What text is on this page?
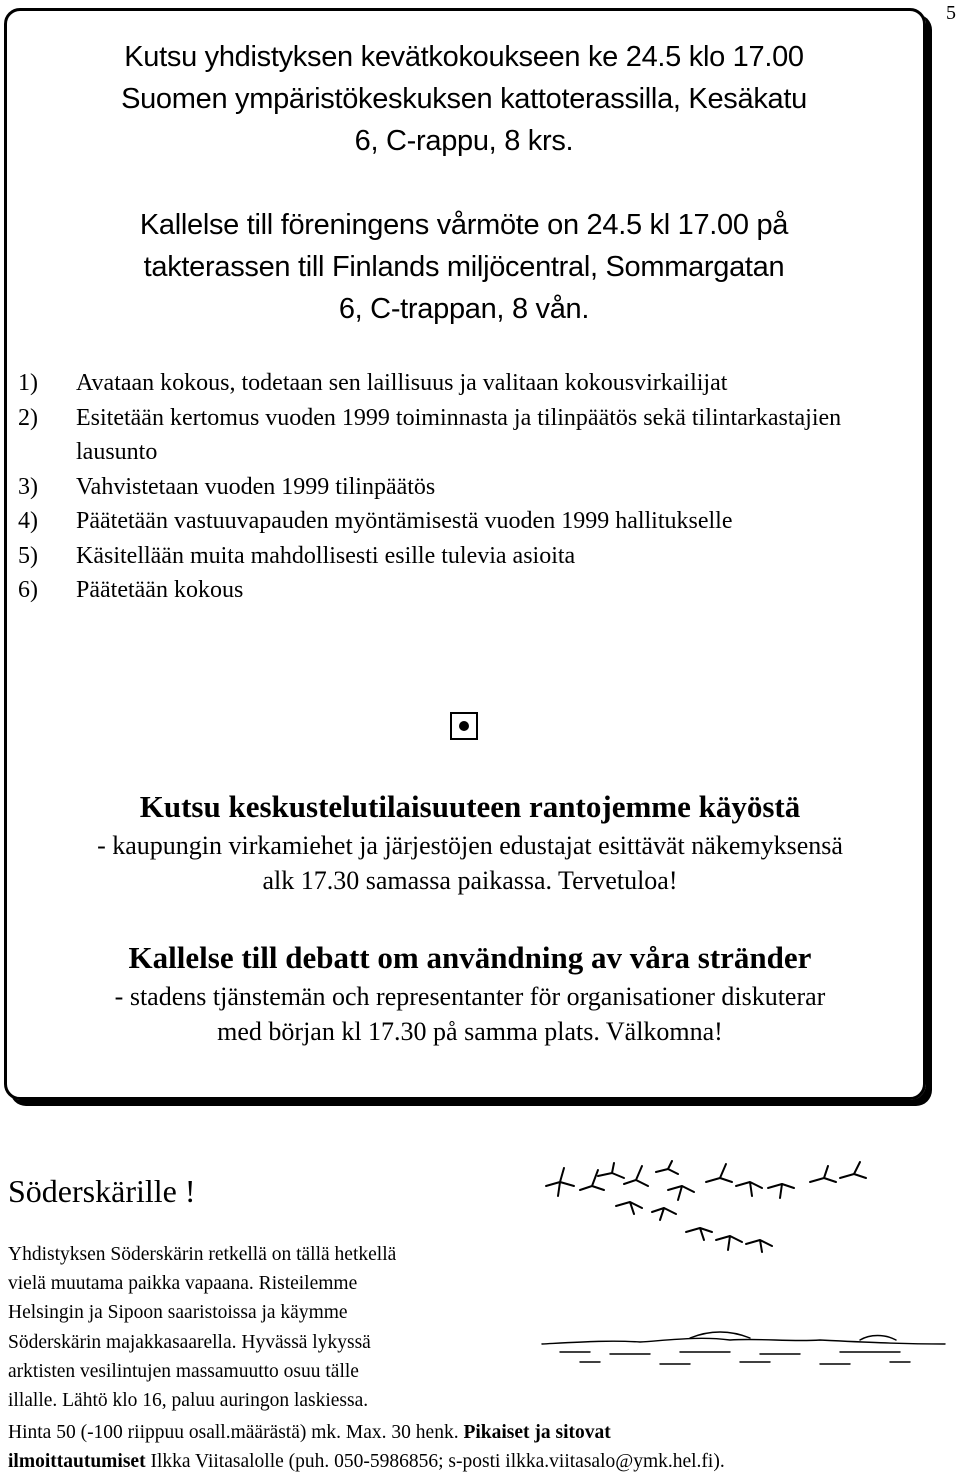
5
Kutsu yhdistyksen kevätkokoukseen ke 24.5 klo 17.00
Suomen ympäristökeskuksen kattoterassilla, Kesäkatu
6, C-rappu, 8 krs.
Kallelse till föreningens vårmöte on 24.5 kl 17.00 på
takterassen till Finlands miljöcentral, Sommargatan
6, C-trappan, 8 vån.
1)	Avataan kokous, todetaan sen laillisuus ja valitaan kokousvirkailijat
2)	Esitetään kertomus vuoden 1999 toiminnasta ja tilinpäätös sekä tilintarkastajien lausunto
3)	Vahvistetaan vuoden 1999 tilinpäätös
4)	Päätetään vastuuvapauden myöntämisestä vuoden 1999 hallitukselle
5)	Käsitellään muita mahdollisesti esille tulevia asioita
6)	Päätetään kokous
Kutsu keskustelutilaisuuteen rantojemme käyöstä
- kaupungin virkamiehet ja järjestöjen edustajat esittävät näkemyksensä
alk 17.30 samassa paikassa. Tervetuloa!
Kallelse till debatt om användning av våra stränder
- stadens tjänstemän och representanter för organisationer diskuterar
med början kl 17.30 på samma plats. Välkomna!
Söderskärille !
Yhdistyksen Söderskärin retkellä on tällä hetkellä
vielä muutama paikka vapaana. Risteilemme
Helsingin ja Sipoon saaristoissa ja käymme
Söderskärin majakkasaarella. Hyvässä lykyssä
arktisten vesilintujen massamuutto osuu tälle
illalle. Lähtö klo 16, paluu auringon laskiessa.
Hinta 50 (-100 riippuu osall.määrästä) mk. Max. 30 henk. Pikaiset ja sitovat
ilmoittautumiset Ilkka Viitasalolle (puh. 050-5986856; s-posti ilkka.viitasalo@ymk.hel.fi).
